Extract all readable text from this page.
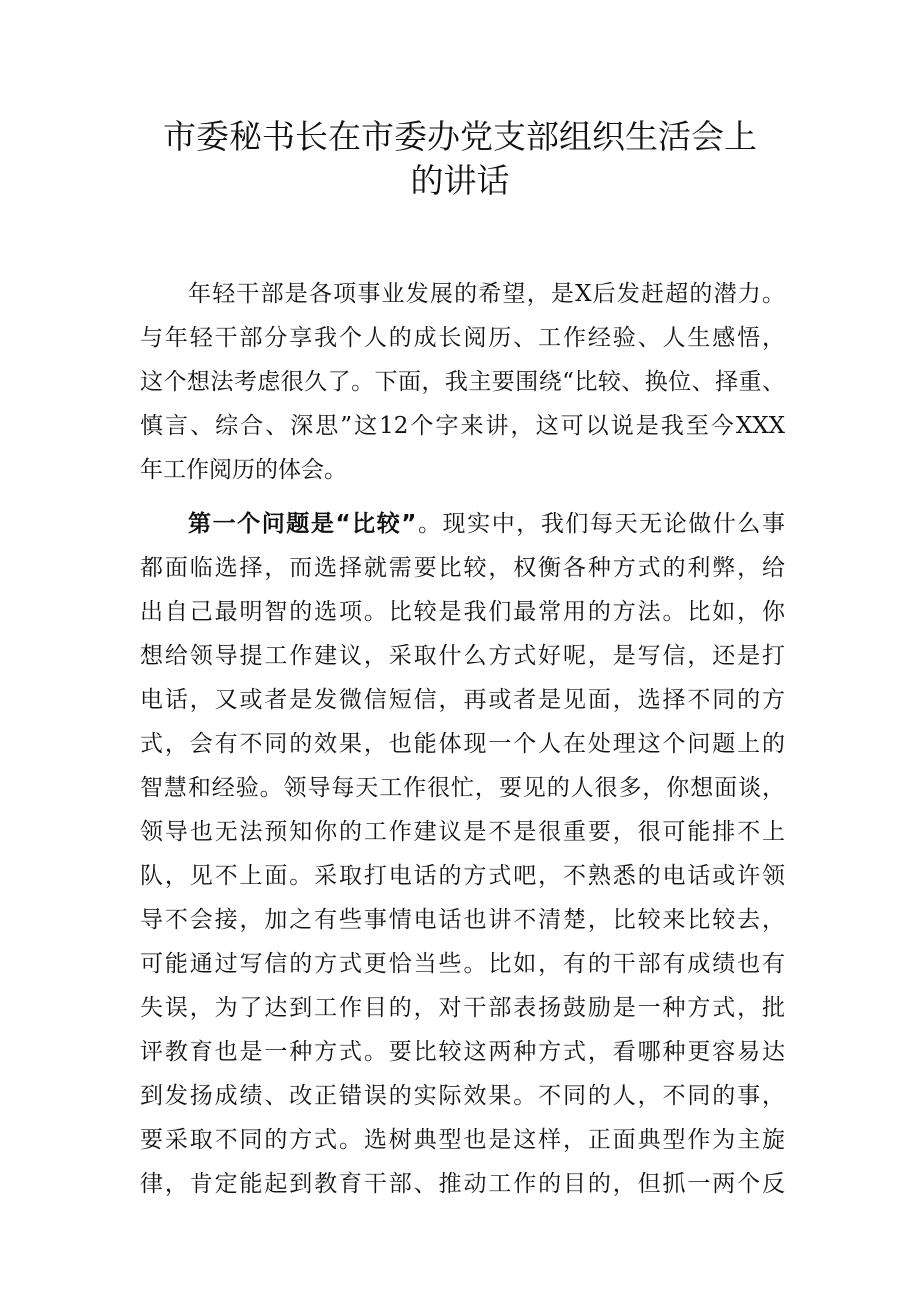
市委秘书长在市委办党支部组织生活会上
的讲话
年轻干部是各项事业发展的希望，是X后发赶超的潜力。
与年轻干部分享我个人的成长阅历、工作经验、人生感悟，
这个想法考虑很久了。下面，我主要围绕“比较、换位、择重、
慎言、综合、深思”这12个字来讲，这可以说是我至今XXX
年工作阅历的体会。
第一个问题是“比较”。现实中，我们每天无论做什么事
都面临选择，而选择就需要比较，权衡各种方式的利弊，给
出自己最明智的选项。比较是我们最常用的方法。比如，你
想给领导提工作建议，采取什么方式好呢，是写信，还是打
电话，又或者是发微信短信，再或者是见面，选择不同的方
式，会有不同的效果，也能体现一个人在处理这个问题上的
智慧和经验。领导每天工作很忙，要见的人很多，你想面谈，
领导也无法预知你的工作建议是不是很重要，很可能排不上
队，见不上面。采取打电话的方式吧，不熟悉的电话或许领
导不会接，加之有些事情电话也讲不清楚，比较来比较去，
可能通过写信的方式更恰当些。比如，有的干部有成绩也有
失误，为了达到工作目的，对干部表扬鼓励是一种方式，批
评教育也是一种方式。要比较这两种方式，看哪种更容易达
到发扬成绩、改正错误的实际效果。不同的人，不同的事，
要采取不同的方式。选树典型也是这样，正面典型作为主旋
律，肯定能起到教育干部、推动工作的目的，但抓一两个反
